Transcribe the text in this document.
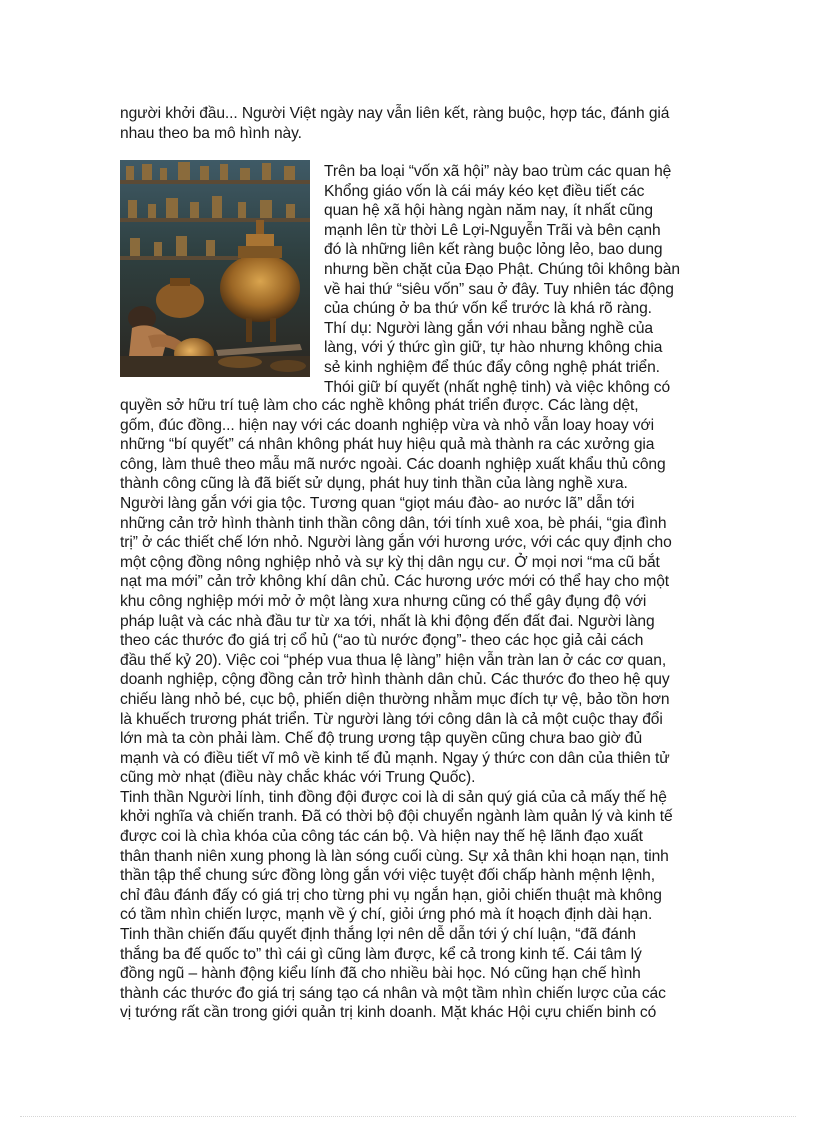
người khởi đầu... Người Việt ngày nay vẫn liên kết, ràng buộc, hợp tác, đánh giá
nhau theo ba mô hình này.
Trên ba loại “vốn xã hội” này bao trùm các quan hệ
Khổng giáo vốn là cái máy kéo kẹt điều tiết các
quan hệ xã hội hàng ngàn năm nay, ít nhất cũng
mạnh lên từ thời Lê Lợi-Nguyễn Trãi và bên cạnh
đó là những liên kết ràng buộc lỏng lẻo, bao dung
nhưng bền chặt của Đạo Phật. Chúng tôi không bàn
về hai thứ “siêu vốn” sau ở đây. Tuy nhiên tác động
của chúng ở ba thứ vốn kể trước là khá rõ ràng.
Thí dụ: Người làng gắn với nhau bằng nghề của
làng, với ý thức gìn giữ, tự hào nhưng không chia
sẻ kinh nghiệm để thúc đẩy công nghệ phát triển.
Thói giữ bí quyết (nhất nghệ tinh) và việc không có
quyền sở hữu trí tuệ làm cho các nghề không phát triển được. Các làng dệt,
gốm, đúc đồng... hiện nay với các doanh nghiệp vừa và nhỏ vẫn loay hoay với
những “bí quyết” cá nhân không phát huy hiệu quả mà thành ra các xưởng gia
công, làm thuê theo mẫu mã nước ngoài. Các doanh nghiệp xuất khẩu thủ công
thành công cũng là đã biết sử dụng, phát huy tinh thần của làng nghề xưa.
Người làng gắn với gia tộc. Tương quan “giọt máu đào- ao nước lã” dẫn tới
những cản trở hình thành tinh thần công dân, tới tính xuê xoa, bè phái, “gia đình
trị” ở các thiết chế lớn nhỏ. Người làng gắn với hương ước, với các quy định cho
một cộng đồng nông nghiệp nhỏ và sự kỳ thị dân ngụ cư. Ở mọi nơi “ma cũ bắt
nạt ma mới” cản trở không khí dân chủ. Các hương ước mới có thể hay cho một
khu công nghiệp mới mở ở một làng xưa nhưng cũng có thể gây đụng độ với
pháp luật và các nhà đầu tư từ xa tới, nhất là khi động đến đất đai. Người làng
theo các thước đo giá trị cổ hủ (“ao tù nước đọng”- theo các học giả cải cách
đầu thế kỷ 20). Việc coi “phép vua thua lệ làng” hiện vẫn tràn lan ở các cơ quan,
doanh nghiệp, cộng đồng cản trở hình thành dân chủ. Các thước đo theo hệ quy
chiếu làng nhỏ bé, cục bộ, phiến diện thường nhằm mục đích tự vệ, bảo tồn hơn
là khuếch trương phát triển. Từ người làng tới công dân là cả một cuộc thay đổi
lớn mà ta còn phải làm. Chế độ trung ương tập quyền cũng chưa bao giờ đủ
mạnh và có điều tiết vĩ mô về kinh tế đủ mạnh. Ngay ý thức con dân của thiên tử
cũng mờ nhạt (điều này chắc khác với Trung Quốc).
Tinh thần Người lính, tinh đồng đội được coi là di sản quý giá của cả mấy thế hệ
khởi nghĩa và chiến tranh. Đã có thời bộ đội chuyển ngành làm quản lý và kinh tế
được coi là chìa khóa của công tác cán bộ. Và hiện nay thế hệ lãnh đạo xuất
thân thanh niên xung phong là làn sóng cuối cùng. Sự xả thân khi hoạn nạn, tinh
thần tập thể chung sức đồng lòng gắn với việc tuyệt đối chấp hành mệnh lệnh,
chỉ đâu đánh đấy có giá trị cho từng phi vụ ngắn hạn, giỏi chiến thuật mà không
có tầm nhìn chiến lược, mạnh về ý chí, giỏi ứng phó mà ít hoạch định dài hạn.
Tinh thần chiến đấu quyết định thắng lợi nên dễ dẫn tới ý chí luận, “đã đánh
thắng ba đế quốc to” thì cái gì cũng làm được, kể cả trong kinh tế. Cái tâm lý
đồng ngũ – hành động kiểu lính đã cho nhiều bài học. Nó cũng hạn chế hình
thành các thước đo giá trị sáng tạo cá nhân và một tầm nhìn chiến lược của các
vị tướng rất cần trong giới quản trị kinh doanh. Mặt khác Hội cựu chiến binh có
